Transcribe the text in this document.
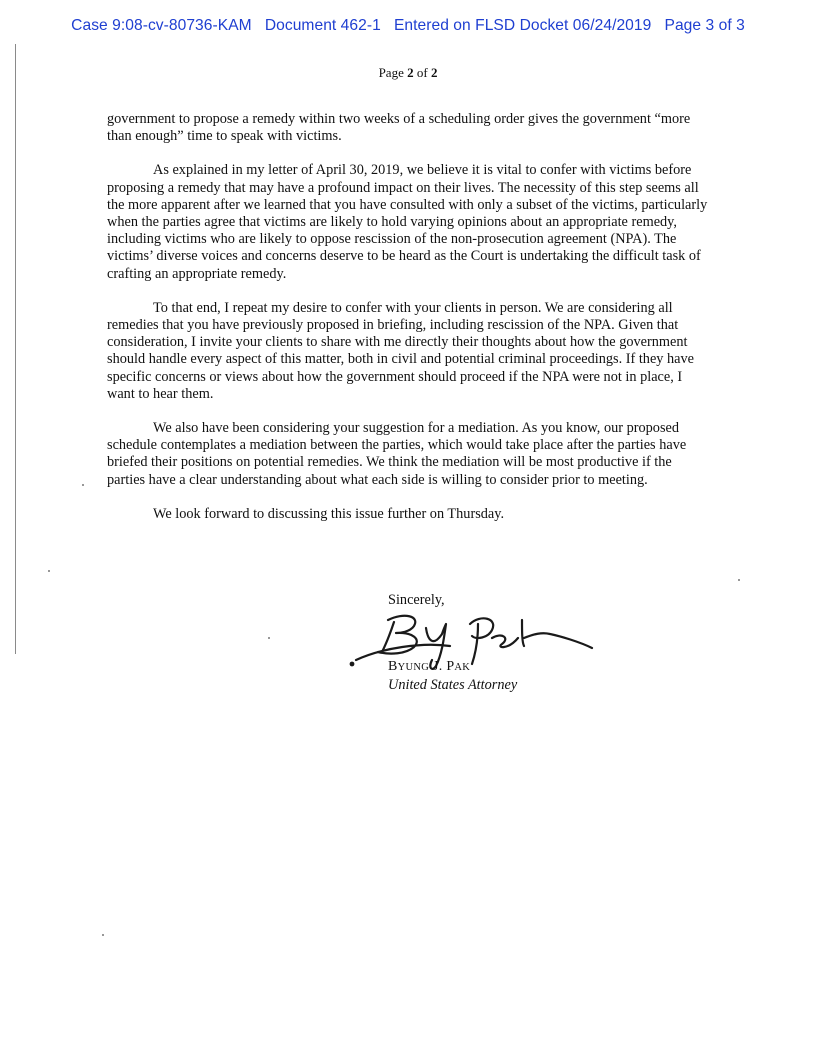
Case 9:08-cv-80736-KAM   Document 462-1   Entered on FLSD Docket 06/24/2019   Page 3 of 3
Page 2 of 2

government to propose a remedy within two weeks of a scheduling order gives the government “more than enough” time to speak with victims.

As explained in my letter of April 30, 2019, we believe it is vital to confer with victims before proposing a remedy that may have a profound impact on their lives. The necessity of this step seems all the more apparent after we learned that you have consulted with only a subset of the victims, particularly when the parties agree that victims are likely to hold varying opinions about an appropriate remedy, including victims who are likely to oppose rescission of the non-prosecution agreement (NPA). The victims’ diverse voices and concerns deserve to be heard as the Court is undertaking the difficult task of crafting an appropriate remedy.

To that end, I repeat my desire to confer with your clients in person. We are considering all remedies that you have previously proposed in briefing, including rescission of the NPA. Given that consideration, I invite your clients to share with me directly their thoughts about how the government should handle every aspect of this matter, both in civil and potential criminal proceedings. If they have specific concerns or views about how the government should proceed if the NPA were not in place, I want to hear them.

We also have been considering your suggestion for a mediation. As you know, our proposed schedule contemplates a mediation between the parties, which would take place after the parties have briefed their positions on potential remedies. We think the mediation will be most productive if the parties have a clear understanding about what each side is willing to consider prior to meeting.

We look forward to discussing this issue further on Thursday.

Sincerely,
BYUNG J. PAK
United States Attorney
